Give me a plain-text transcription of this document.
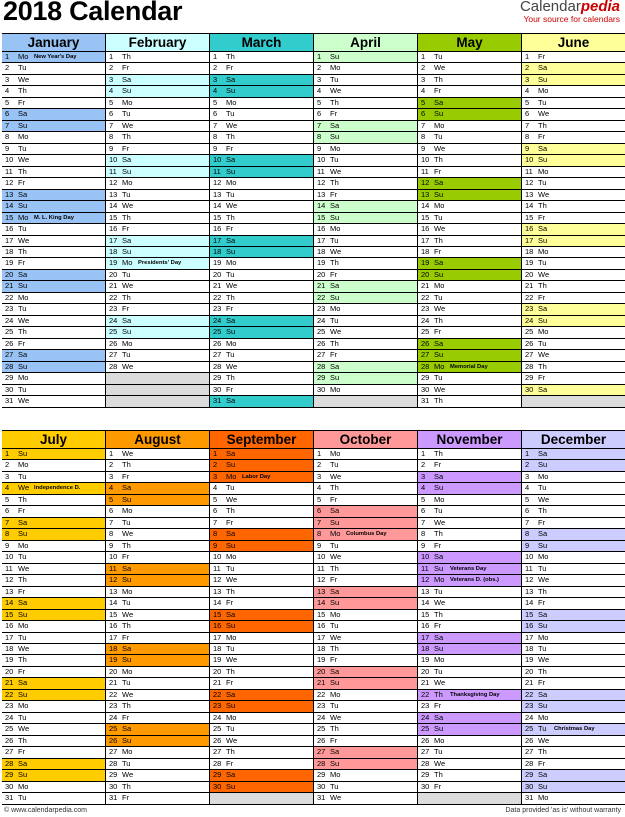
2018 Calendar	Calendarpedia
Your source for calendars
January
1 Mo New Year's Day
2 Tu
3 We
4 Th
5 Fr
6 Sa
7 Su
8 Mo
9 Tu
10 We
11 Th
12 Fr
13 Sa
14 Su
15 Mo M. L. King Day
16 Tu
17 We
18 Th
19 Fr
20 Sa
21 Su
22 Mo
23 Tu
24 We
25 Th
26 Fr
27 Sa
28 Su
29 Mo
30 Tu
31 We
February
1 Th
2 Fr
3 Sa
4 Su
5 Mo
6 Tu
7 We
8 Th
9 Fr
10 Sa
11 Su
12 Mo
13 Tu
14 We
15 Th
16 Fr
17 Sa
18 Su
19 Mo Presidents' Day
20 Tu
21 We
22 Th
23 Fr
24 Sa
25 Su
26 Mo
27 Tu
28 We
March
1 Th
2 Fr
3 Sa
4 Su
5 Mo
6 Tu
7 We
8 Th
9 Fr
10 Sa
11 Su
12 Mo
13 Tu
14 We
15 Th
16 Fr
17 Sa
18 Su
19 Mo
20 Tu
21 We
22 Th
23 Fr
24 Sa
25 Su
26 Mo
27 Tu
28 We
29 Th
30 Fr
31 Sa
April
1 Su
2 Mo
3 Tu
4 We
5 Th
6 Fr
7 Sa
8 Su
9 Mo
10 Tu
11 We
12 Th
13 Fr
14 Sa
15 Su
16 Mo
17 Tu
18 We
19 Th
20 Fr
21 Sa
22 Su
23 Mo
24 Tu
25 We
26 Th
27 Fr
28 Sa
29 Su
30 Mo
May
1 Tu
2 We
3 Th
4 Fr
5 Sa
6 Su
7 Mo
8 Tu
9 We
10 Th
11 Fr
12 Sa
13 Su
14 Mo
15 Tu
16 We
17 Th
18 Fr
19 Sa
20 Su
21 Mo
22 Tu
23 We
24 Th
25 Fr
26 Sa
27 Su
28 Mo Memorial Day
29 Tu
30 We
31 Th
June
1 Fr
2 Sa
3 Su
4 Mo
5 Tu
6 We
7 Th
8 Fr
9 Sa
10 Su
11 Mo
12 Tu
13 We
14 Th
15 Fr
16 Sa
17 Su
18 Mo
19 Tu
20 We
21 Th
22 Fr
23 Sa
24 Su
25 Mo
26 Tu
27 We
28 Th
29 Fr
30 Sa
July
1 Su
2 Mo
3 Tu
4 We Independence D.
5 Th
6 Fr
7 Sa
8 Su
9 Mo
10 Tu
11 We
12 Th
13 Fr
14 Sa
15 Su
16 Mo
17 Tu
18 We
19 Th
20 Fr
21 Sa
22 Su
23 Mo
24 Tu
25 We
26 Th
27 Fr
28 Sa
29 Su
30 Mo
31 Tu
August
1 We
2 Th
3 Fr
4 Sa
5 Su
6 Mo
7 Tu
8 We
9 Th
10 Fr
11 Sa
12 Su
13 Mo
14 Tu
15 We
16 Th
17 Fr
18 Sa
19 Su
20 Mo
21 Tu
22 We
23 Th
24 Fr
25 Sa
26 Su
27 Mo
28 Tu
29 We
30 Th
31 Fr
September
1 Sa
2 Su
3 Mo Labor Day
4 Tu
5 We
6 Th
7 Fr
8 Sa
9 Su
10 Mo
11 Tu
12 We
13 Th
14 Fr
15 Sa
16 Su
17 Mo
18 Tu
19 We
20 Th
21 Fr
22 Sa
23 Su
24 Mo
25 Tu
26 We
27 Th
28 Fr
29 Sa
30 Su
October
1 Mo
2 Tu
3 We
4 Th
5 Fr
6 Sa
7 Su
8 Mo Columbus Day
9 Tu
10 We
11 Th
12 Fr
13 Sa
14 Su
15 Mo
16 Tu
17 We
18 Th
19 Fr
20 Sa
21 Su
22 Mo
23 Tu
24 We
25 Th
26 Fr
27 Sa
28 Su
29 Mo
30 Tu
31 We
November
1 Th
2 Fr
3 Sa
4 Su
5 Mo
6 Tu
7 We
8 Th
9 Fr
10 Sa
11 Su Veterans Day
12 Mo Veterans D. (obs.)
13 Tu
14 We
15 Th
16 Fr
17 Sa
18 Su
19 Mo
20 Tu
21 We
22 Th Thanksgiving Day
23 Fr
24 Sa
25 Su
26 Mo
27 Tu
28 We
29 Th
30 Fr
December
1 Sa
2 Su
3 Mo
4 Tu
5 We
6 Th
7 Fr
8 Sa
9 Su
10 Mo
11 Tu
12 We
13 Th
14 Fr
15 Sa
16 Su
17 Mo
18 Tu
19 We
20 Th
21 Fr
22 Sa
23 Su
24 Mo
25 Tu Christmas Day
26 We
27 Th
28 Fr
29 Sa
30 Su
31 Mo
© www.calendarpedia.com	Data provided 'as is' without warranty
